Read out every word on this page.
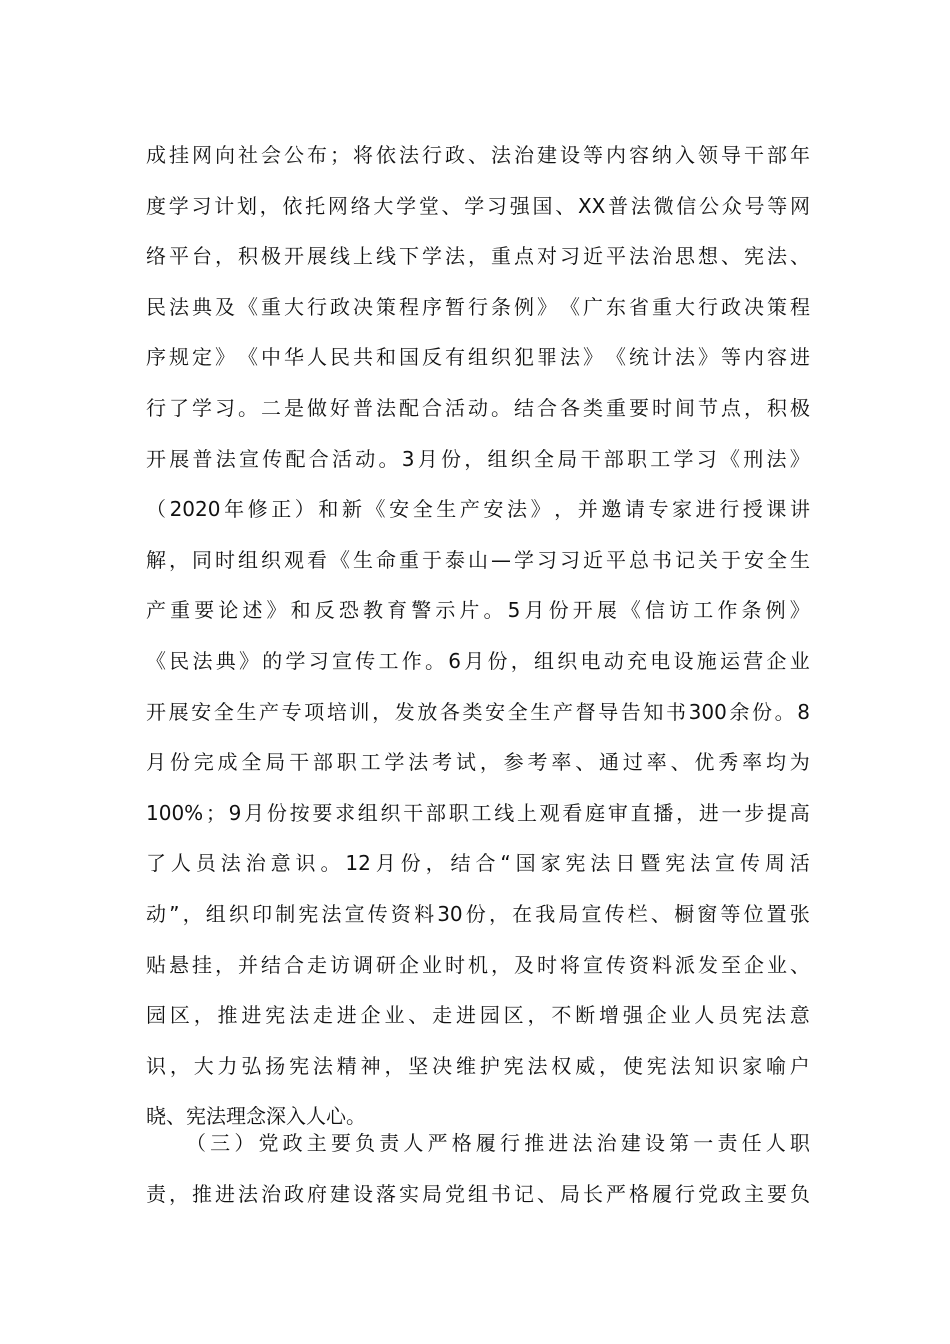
成 挂 网 向 社 会 公 布 ； 将 依 法 行 政 、 法 治 建 设 等 内 容 纳 入 领 导 干 部 年
度 学 习 计 划 ， 依 托 网 络 大 学 堂 、 学 习 强 国 、 XX 普 法 微 信 公 众 号 等 网
络 平 台 ， 积 极 开 展 线 上 线 下 学 法 ， 重 点 对 习 近 平 法 治 思 想 、 宪 法 、
民 法 典 及 《 重 大 行 政 决 策 程 序 暂 行 条 例 》 《 广 东 省 重 大 行 政 决 策 程
序 规 定 》 《 中 华 人 民 共 和 国 反 有 组 织 犯 罪 法 》 《 统 计 法 》 等 内 容 进
行 了 学 习 。 二 是 做 好 普 法 配 合 活 动 。 结 合 各 类 重 要 时 间 节 点 ， 积 极
开 展 普 法 宣 传 配 合 活 动 。 3 月 份 ， 组 织 全 局 干 部 职 工 学 习 《 刑 法 》
（ 2020 年 修 正 ） 和 新 《 安 全 生 产 安 法 》 ， 并 邀 请 专 家 进 行 授 课 讲
解 ， 同 时 组 织 观 看 《 生 命 重 于 泰 山 — 学 习 习 近 平 总 书 记 关 于 安 全 生
产 重 要 论 述 》 和 反 恐 教 育 警 示 片 。 5 月 份 开 展 《 信 访 工 作 条 例 》
《 民 法 典 》 的 学 习 宣 传 工 作 。 6 月 份 ， 组 织 电 动 充 电 设 施 运 营 企 业
开 展 安 全 生 产 专 项 培 训 ， 发 放 各 类 安 全 生 产 督 导 告 知 书 300 余 份 。 8
月 份 完 成 全 局 干 部 职 工 学 法 考 试 ， 参 考 率 、 通 过 率 、 优 秀 率 均 为
100% ； 9 月 份 按 要 求 组 织 干 部 职 工 线 上 观 看 庭 审 直 播 ， 进 一 步 提 高
了 人 员 法 治 意 识 。 12 月 份 ， 结 合 “ 国 家 宪 法 日 暨 宪 法 宣 传 周 活
动 ” ， 组 织 印 制 宪 法 宣 传 资 料 30 份 ， 在 我 局 宣 传 栏 、 橱 窗 等 位 置 张
贴 悬 挂 ， 并 结 合 走 访 调 研 企 业 时 机 ， 及 时 将 宣 传 资 料 派 发 至 企 业 、
园 区 ， 推 进 宪 法 走 进 企 业 、 走 进 园 区 ， 不 断 增 强 企 业 人 员 宪 法 意
识 ， 大 力 弘 扬 宪 法 精 神 ， 坚 决 维 护 宪 法 权 威 ， 使 宪 法 知 识 家 喻 户
晓、宪法理念深入人心。
（ 三 ） 党 政 主 要 负 责 人 严 格 履 行 推 进 法 治 建 设 第 一 责 任 人 职
责 ， 推 进 法 治 政 府 建 设 落 实 局 党 组 书 记 、 局 长 严 格 履 行 党 政 主 要 负
